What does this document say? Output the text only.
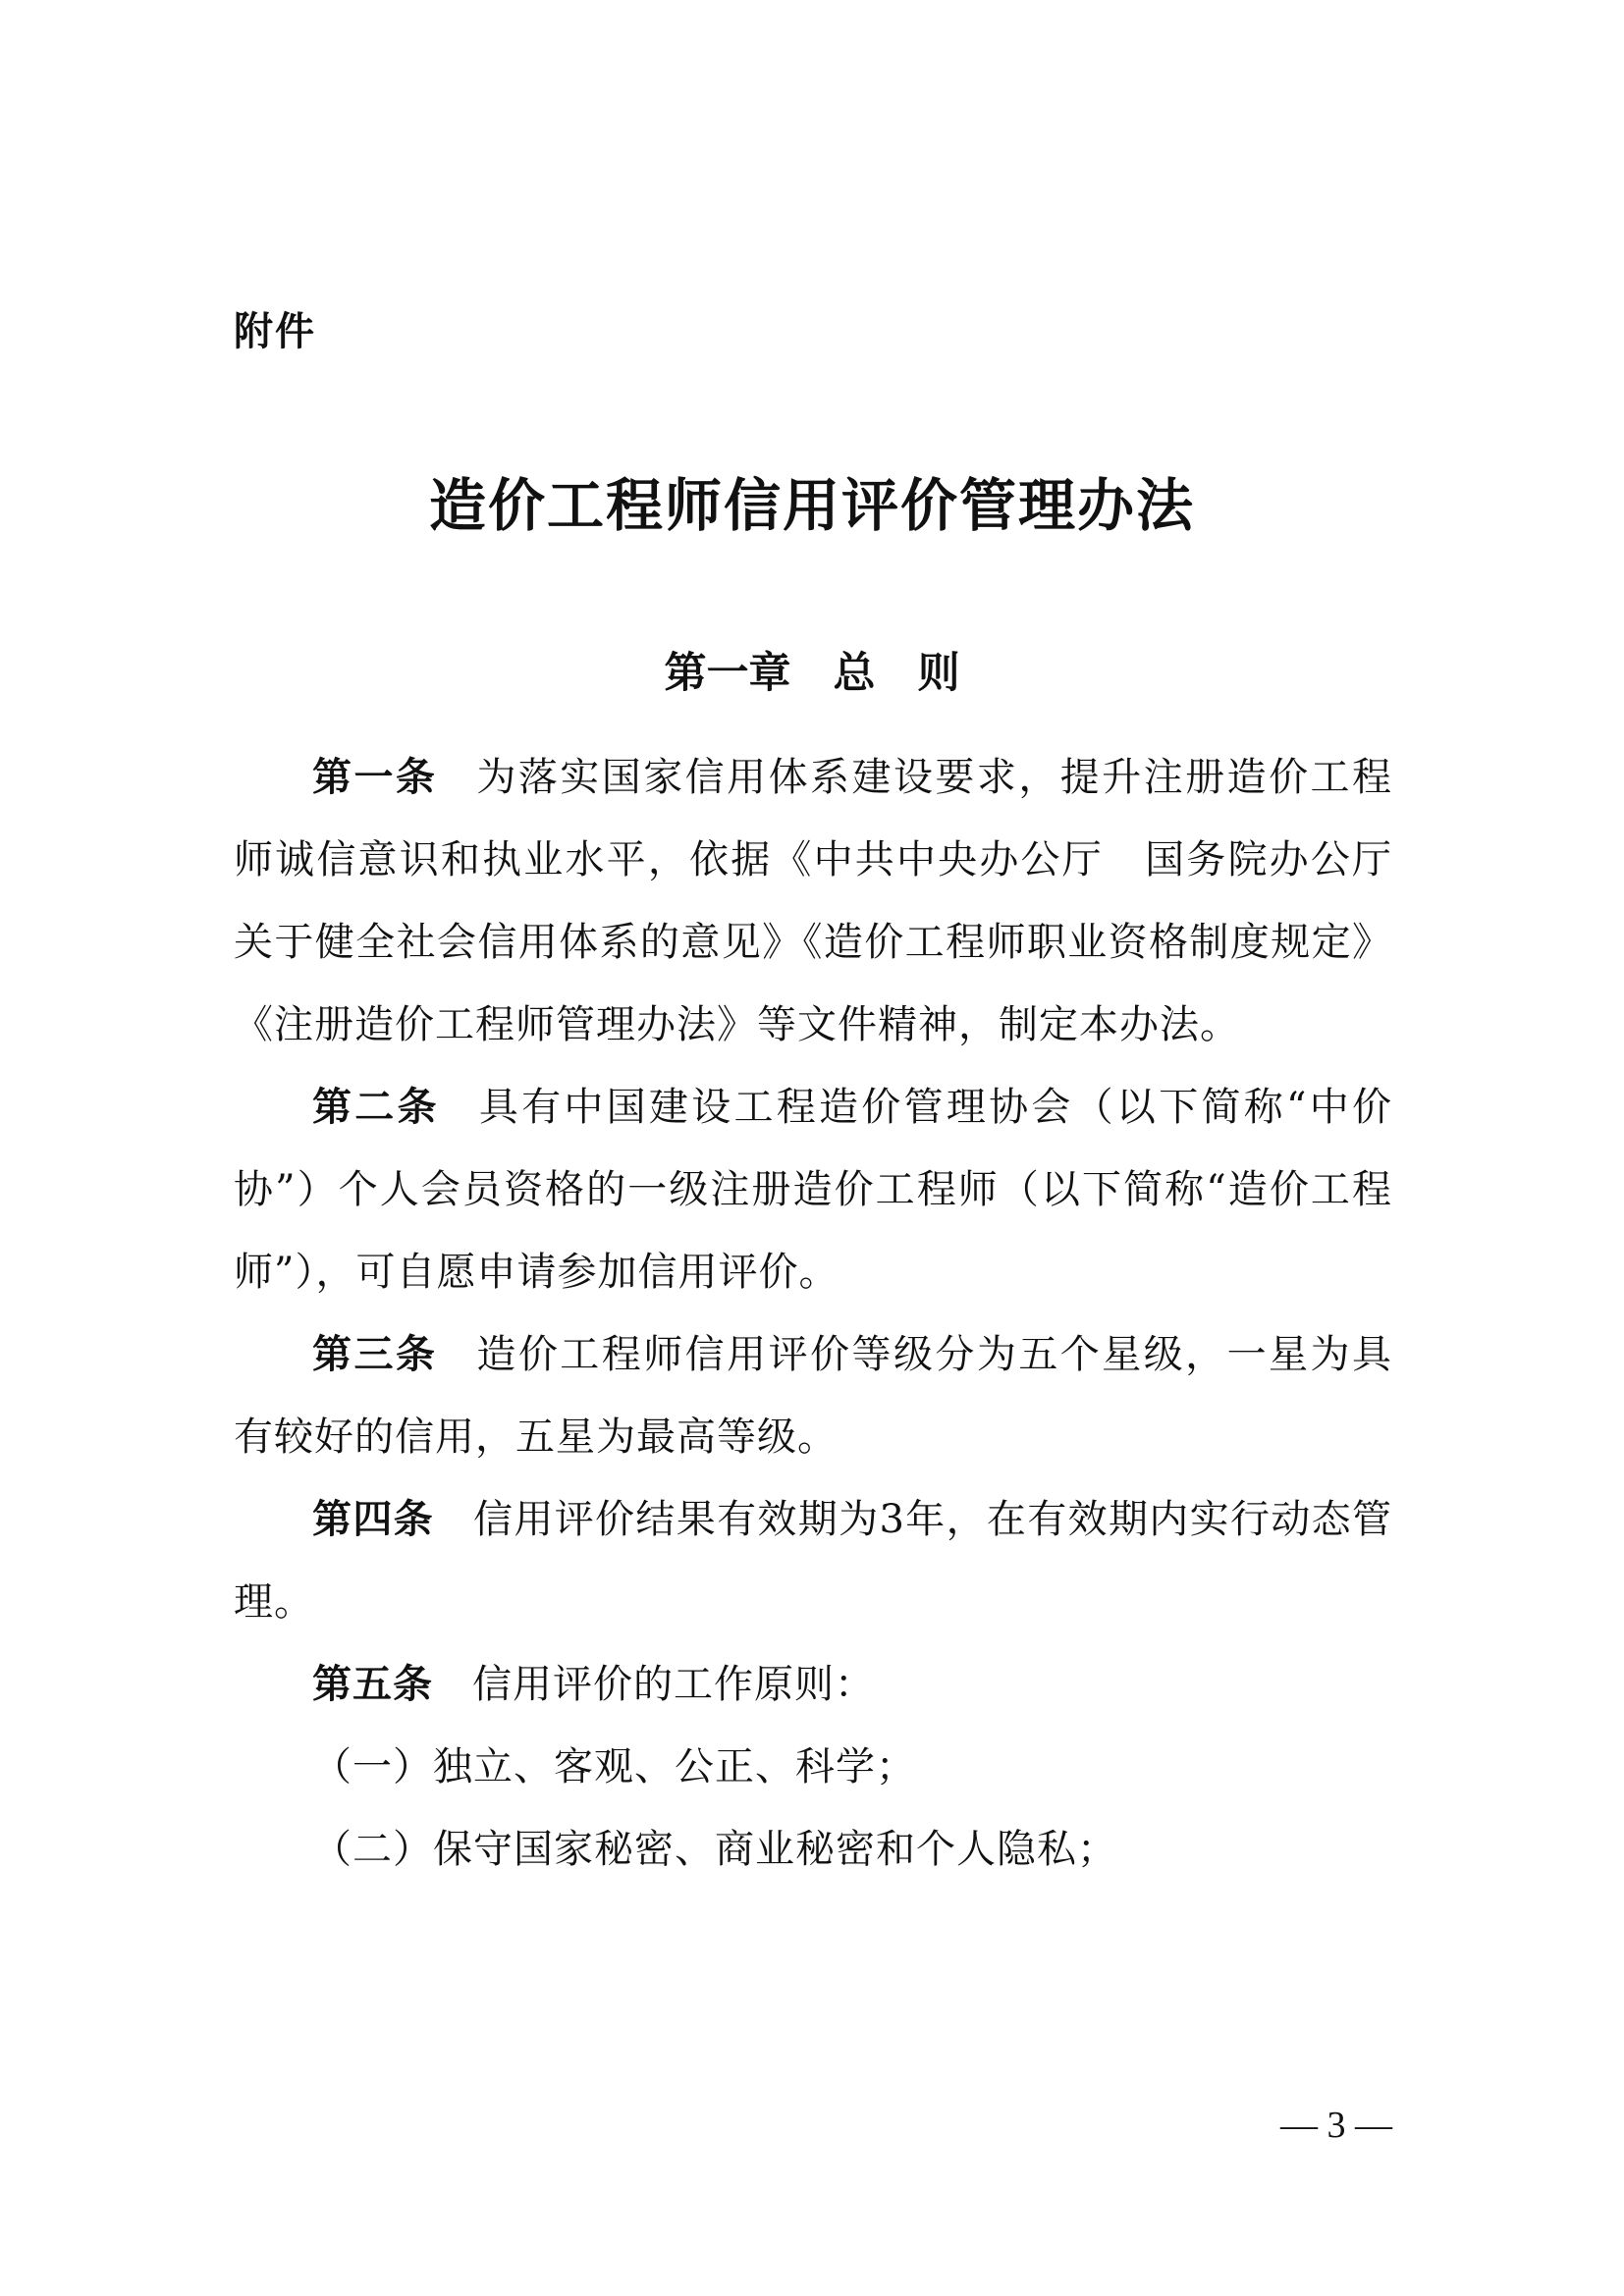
附件
造价工程师信用评价管理办法
第一章　总　则

第一条 为落实国家信用体系建设要求，提升注册造价工程师诚信意识和执业水平，依据《中共中央办公厅　国务院办公厅关于健全社会信用体系的意见》《造价工程师职业资格制度规定》《注册造价工程师管理办法》等文件精神，制定本办法。

第二条 具有中国建设工程造价管理协会（以下简称“中价协”）个人会员资格的一级注册造价工程师（以下简称“造价工程师”），可自愿申请参加信用评价。

第三条 造价工程师信用评价等级分为五个星级，一星为具有较好的信用，五星为最高等级。

第四条 信用评价结果有效期为3年，在有效期内实行动态管理。

第五条 信用评价的工作原则：

（一）独立、客观、公正、科学；

（二）保守国家秘密、商业秘密和个人隐私；

— 3 —
